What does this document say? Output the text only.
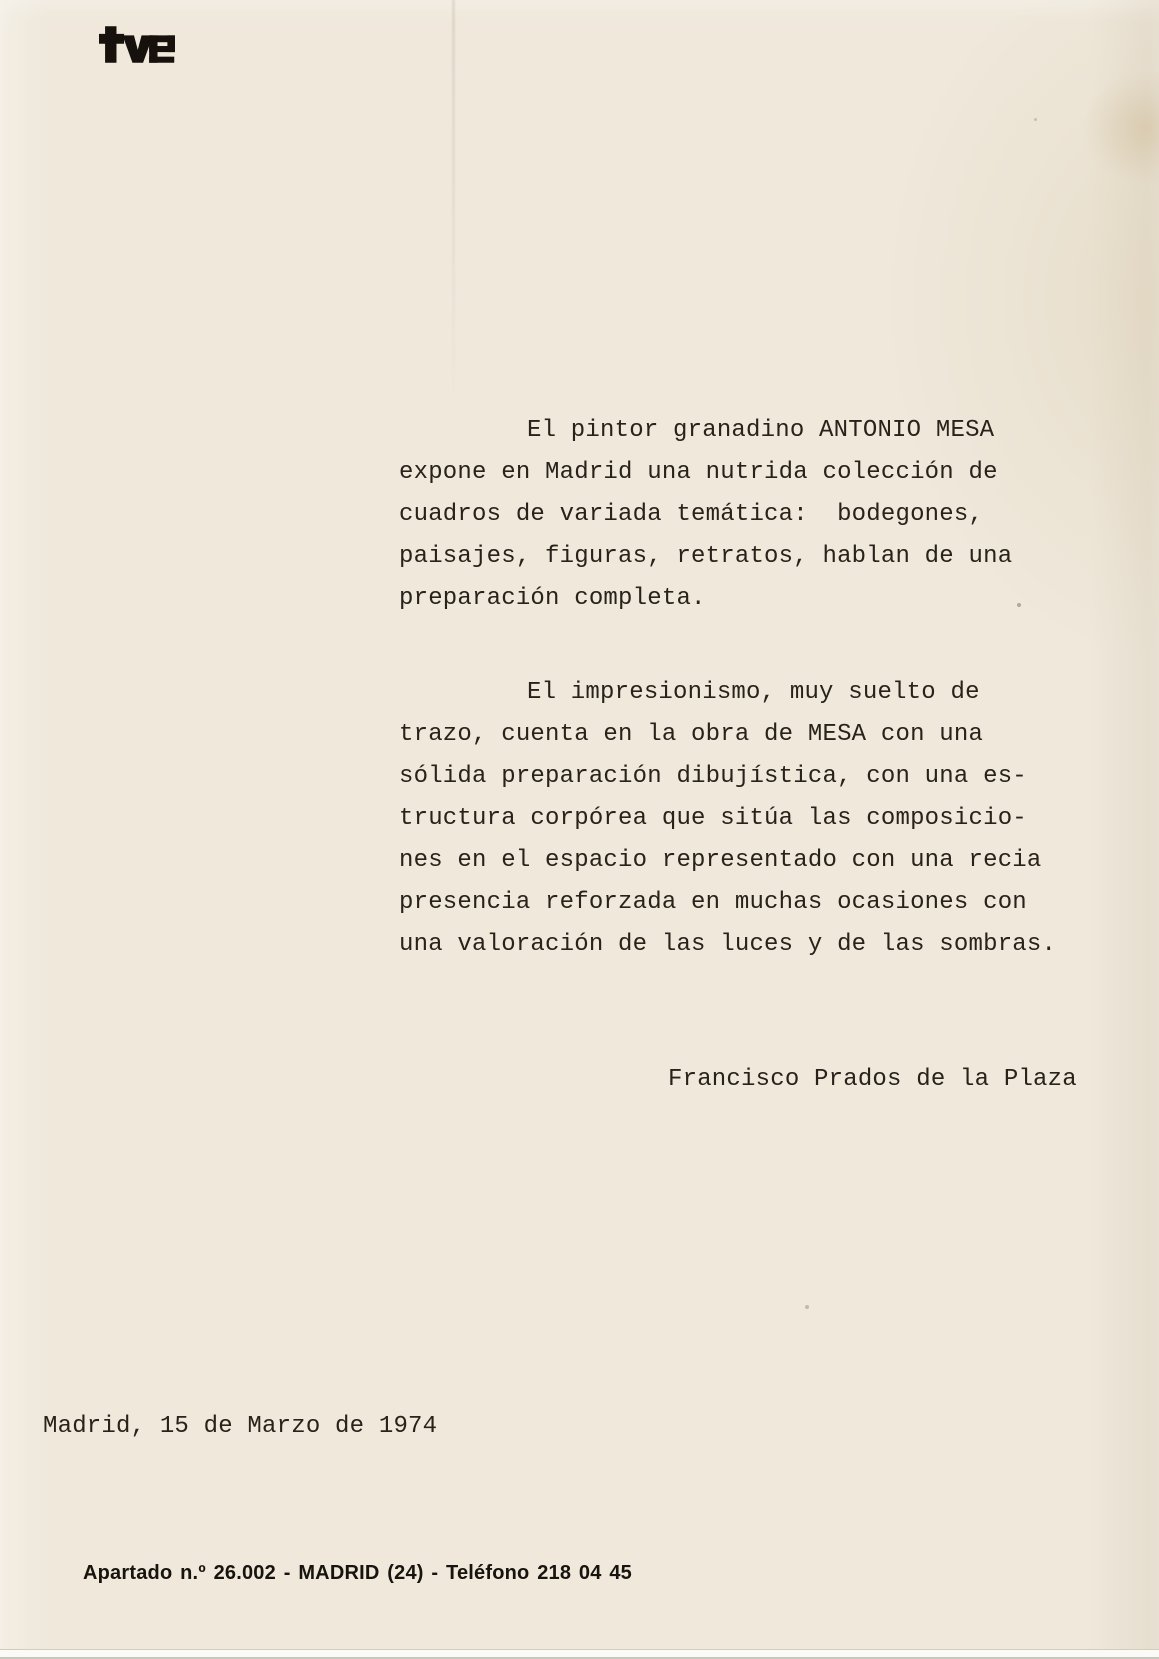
El pintor granadino ANTONIO MESA
expone en Madrid una nutrida colección de
cuadros de variada temática:  bodegones,
paisajes, figuras, retratos, hablan de una
preparación completa.
El impresionismo, muy suelto de
trazo, cuenta en la obra de MESA con una
sólida preparación dibujística, con una es-
tructura corpórea que sitúa las composicio-
nes en el espacio representado con una recia
presencia reforzada en muchas ocasiones con
una valoración de las luces y de las sombras.
Francisco Prados de la Plaza
Madrid, 15 de Marzo de 1974
Apartado n.º 26.002 - MADRID (24) - Teléfono 218 04 45
